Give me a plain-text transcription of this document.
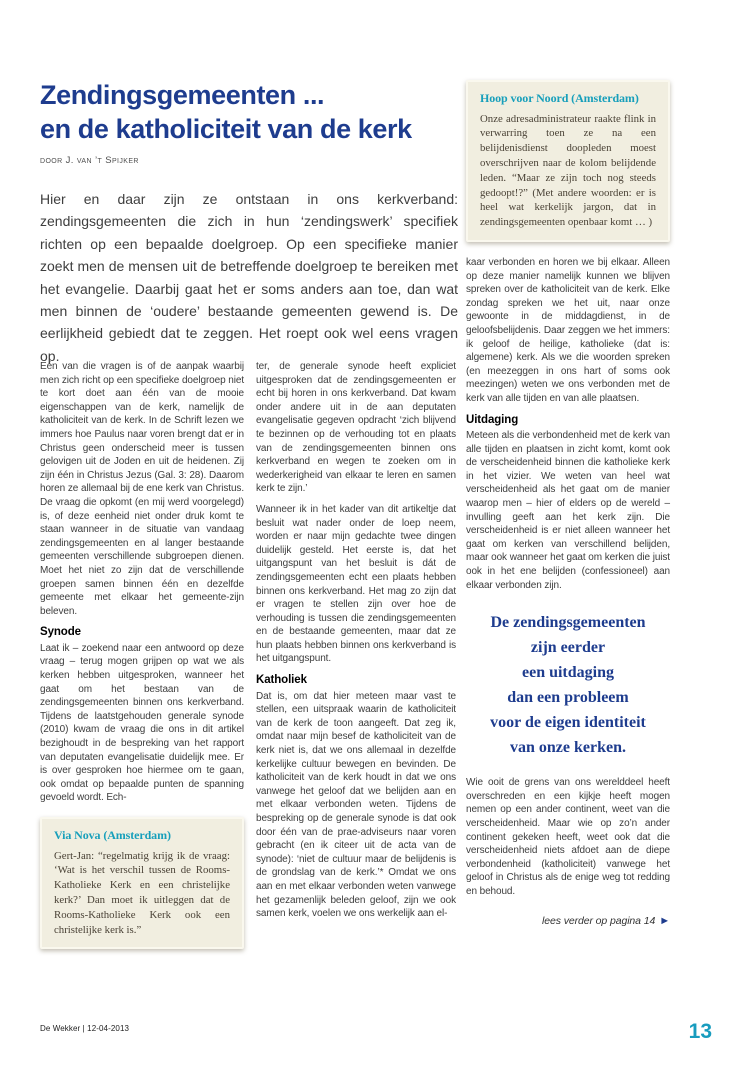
Zendingsgemeenten ...
en de katholiciteit van de kerk
door J. van ’t Spijker

Hier en daar zijn ze ontstaan in ons kerkverband: zendingsgemeenten die zich in hun ‘zendingswerk’ specifiek richten op een bepaalde doelgroep. Op een specifieke manier zoekt men de mensen uit de betreffende doelgroep te bereiken met het evangelie. Daarbij gaat het er soms anders aan toe, dan wat men binnen de ‘oudere’ bestaande gemeenten gewend is. De eerlijkheid gebiedt dat te zeggen. Het roept ook wel eens vragen op.

Eén van die vragen is of de aanpak waarbij men zich richt op een specifieke doelgroep niet te kort doet aan één van de mooie eigenschappen van de kerk, namelijk de katholiciteit van de kerk. In de Schrift lezen we immers hoe Paulus naar voren brengt dat er in Christus geen onderscheid meer is tussen gelovigen uit de Joden en uit de heidenen. Zij zijn één in Christus Jezus (Gal. 3: 28). Daarom horen ze allemaal bij de ene kerk van Christus. De vraag die opkomt (en mij werd voorgelegd) is, of deze eenheid niet onder druk komt te staan wanneer in de situatie van vandaag zendingsgemeenten en al langer bestaande gemeenten verschillende subgroepen dienen. Moet het niet zo zijn dat de verschillende groepen samen binnen één en dezelfde gemeente met elkaar het gemeente-zijn beleven.

Synode

Laat ik – zoekend naar een antwoord op deze vraag – terug mogen grijpen op wat we als kerken hebben uitgesproken, wanneer het gaat om het bestaan van de zendingsgemeenten binnen ons kerkverband. Tijdens de laatstgehouden generale synode (2010) kwam de vraag die ons in dit artikel bezighoudt in de bespreking van het rapport van deputaten evangelisatie duidelijk mee. Er is over gesproken hoe hiermee om te gaan, ook omdat op bepaalde punten de spanning gevoeld wordt. Ech-

Via Nova (Amsterdam)

Gert-Jan: “regelmatig krijg ik de vraag: ‘Wat is het verschil tussen de Rooms-Katholieke Kerk en een christelijke kerk?’ Dan moet ik uitleggen dat de Rooms-Katholieke Kerk ook een christelijke kerk is.”

ter, de generale synode heeft expliciet uitgesproken dat de zendingsgemeenten er echt bij horen in ons kerkverband. Dat kwam onder andere uit in de aan deputaten evangelisatie gegeven opdracht ‘zich blijvend te bezinnen op de verhouding tot en plaats van de zendingsgemeenten binnen ons kerkverband en wegen te zoeken om in wederkerigheid van elkaar te leren en samen kerk te zijn.’

Wanneer ik in het kader van dit artikeltje dat besluit wat nader onder de loep neem, worden er naar mijn gedachte twee dingen duidelijk gesteld. Het eerste is, dat het uitgangspunt van het besluit is dát de zendingsgemeenten echt een plaats hebben binnen ons kerkverband. Het mag zo zijn dat er vragen te stellen zijn over hoe de verhouding is tussen die zendingsgemeenten en de bestaande gemeenten, maar dat ze hun plaats hebben binnen ons kerkverband is het uitgangspunt.

Katholiek

Dat is, om dat hier meteen maar vast te stellen, een uitspraak waarin de katholiciteit van de kerk de toon aangeeft. Dat zeg ik, omdat naar mijn besef de katholiciteit van de kerk niet is, dat we ons allemaal in dezelfde kerkelijke cultuur bewegen en bevinden. De katholiciteit van de kerk houdt in dat we ons vanwege het geloof dat we belijden aan en met elkaar verbonden weten. Tijdens de bespreking op de generale synode is dat ook door één van de prae-adviseurs naar voren gebracht (en ik citeer uit de acta van de synode): ‘niet de cultuur maar de belijdenis is de grondslag van de kerk.’* Omdat we ons aan en met elkaar verbonden weten vanwege het gezamenlijk beleden geloof, zijn we ook samen kerk, voelen we ons werkelijk aan el-

Hoop voor Noord (Amsterdam)

Onze adresadministrateur raakte flink in verwarring toen ze na een belijdenisdienst doopleden moest overschrijven naar de kolom belijdende leden. “Maar ze zijn toch nog steeds gedoopt!?” (Met andere woorden: er is heel wat kerkelijk jargon, dat in zendingsgemeenten openbaar komt … )

kaar verbonden en horen we bij elkaar. Alleen op deze manier namelijk kunnen we blijven spreken over de katholiciteit van de kerk. Elke zondag spreken we het uit, naar onze gewoonte in de middagdienst, in de geloofsbelijdenis. Daar zeggen we het immers: ik geloof de heilige, katholieke (dat is: algemene) kerk. Als we die woorden spreken (en meezeggen in ons hart of soms ook meezingen) weten we ons verbonden met de kerk van alle tijden en van alle plaatsen.

Uitdaging

Meteen als die verbondenheid met de kerk van alle tijden en plaatsen in zicht komt, komt ook de verscheidenheid binnen die katholieke kerk in het vizier. We weten van heel wat verscheidenheid als het gaat om de manier waarop men – hier of elders op de wereld – invulling geeft aan het kerk zijn. Die verscheidenheid is er niet alleen wanneer het gaat om kerken van verschillend belijden, maar ook wanneer het gaat om kerken die juist ook in het ene belijden (confessioneel) aan elkaar verbonden zijn.

De zendingsgemeenten
zijn eerder
een uitdaging
dan een probleem
voor de eigen identiteit
van onze kerken.

Wie ooit de grens van ons werelddeel heeft overschreden en een kijkje heeft mogen nemen op een ander continent, weet van die verscheidenheid. Maar wie op zo’n ander continent gekeken heeft, weet ook dat die verscheidenheid niets afdoet aan de diepe verbondenheid (katholiciteit) vanwege het geloof in Christus als de enige weg tot redding en behoud.

lees verder op pagina 14 ►
De Wekker | 12-04-2013	13
